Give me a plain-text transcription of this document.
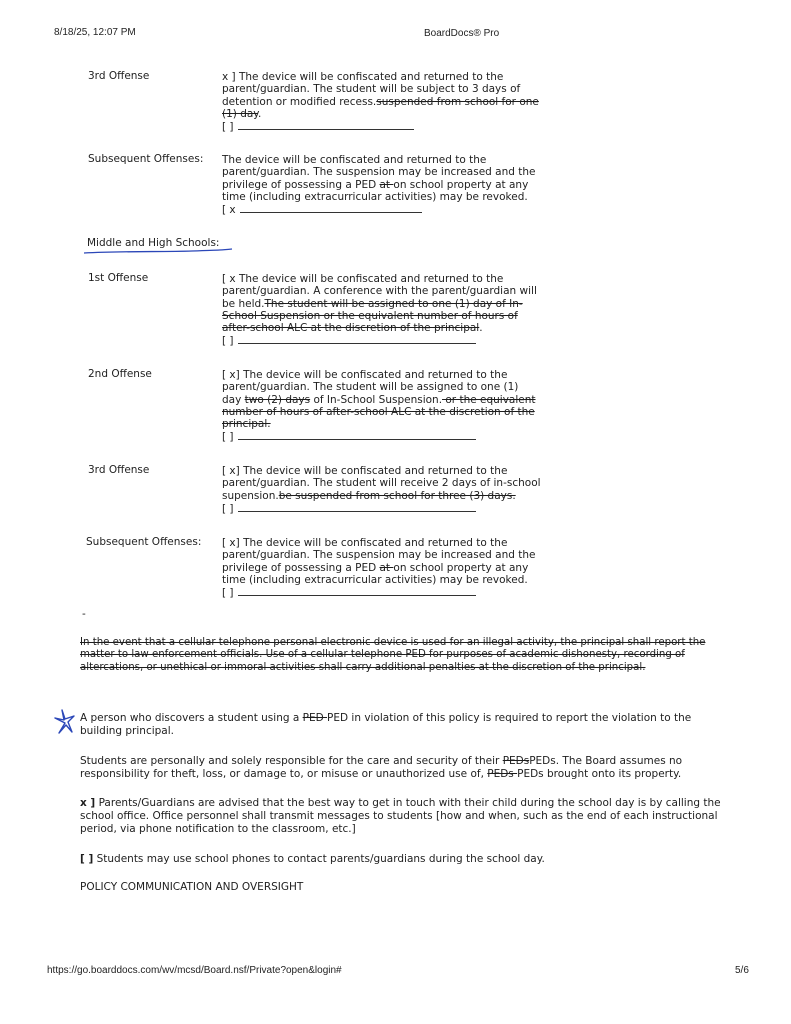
8/18/25, 12:07 PM	BoardDocs® Pro
3rd Offense	x ] The device will be confiscated and returned to the
parent/guardian. The student will be subject to 3 days of
detention or modified recess.suspended from school for one
(1) day.
[ ]
Subsequent Offenses: The device will be confiscated and returned to the
parent/guardian. The suspension may be increased and the
privilege of possessing a PED at on school property at any
time (including extracurricular activities) may be revoked.
[ x
Middle and High Schools:
1st Offense	[ x The device will be confiscated and returned to the
parent/guardian. A conference with the parent/guardian will
be held.The student will be assigned to one (1) day of In-
School Suspension or the equivalent number of hours of
after-school ALC at the discretion of the principal.
[ ]
2nd Offense	[ x] The device will be confiscated and returned to the
parent/guardian. The student will be assigned to one (1)
day two (2) days of In-School Suspension. or the equivalent
number of hours of after-school ALC at the discretion of the
principal.
[ ]
3rd Offense	[ x] The device will be confiscated and returned to the
parent/guardian. The student will receive 2 days of in-school
supension.be suspended from school for three (3) days.
[ ]
Subsequent Offenses: [ x] The device will be confiscated and returned to the
parent/guardian. The suspension may be increased and the
privilege of possessing a PED at on school property at any
time (including extracurricular activities) may be revoked.
[ ]
-
In the event that a cellular telephone personal electronic device is used for an illegal activity, the principal shall report the
matter to law enforcement officials. Use of a cellular telephone PED for purposes of academic dishonesty, recording of
altercations, or unethical or immoral activities shall carry additional penalties at the discretion of the principal.
A person who discovers a student using a PED PED in violation of this policy is required to report the violation to the
building principal.
Students are personally and solely responsible for the care and security of their PEDsPEDs. The Board assumes no
responsibility for theft, loss, or damage to, or misuse or unauthorized use of, PEDs PEDs brought onto its property.
x ] Parents/Guardians are advised that the best way to get in touch with their child during the school day is by calling the
school office. Office personnel shall transmit messages to students [how and when, such as the end of each instructional
period, via phone notification to the classroom, etc.]
[ ] Students may use school phones to contact parents/guardians during the school day.
POLICY COMMUNICATION AND OVERSIGHT
https://go.boarddocs.com/wv/mcsd/Board.nsf/Private?open&login#	5/6
